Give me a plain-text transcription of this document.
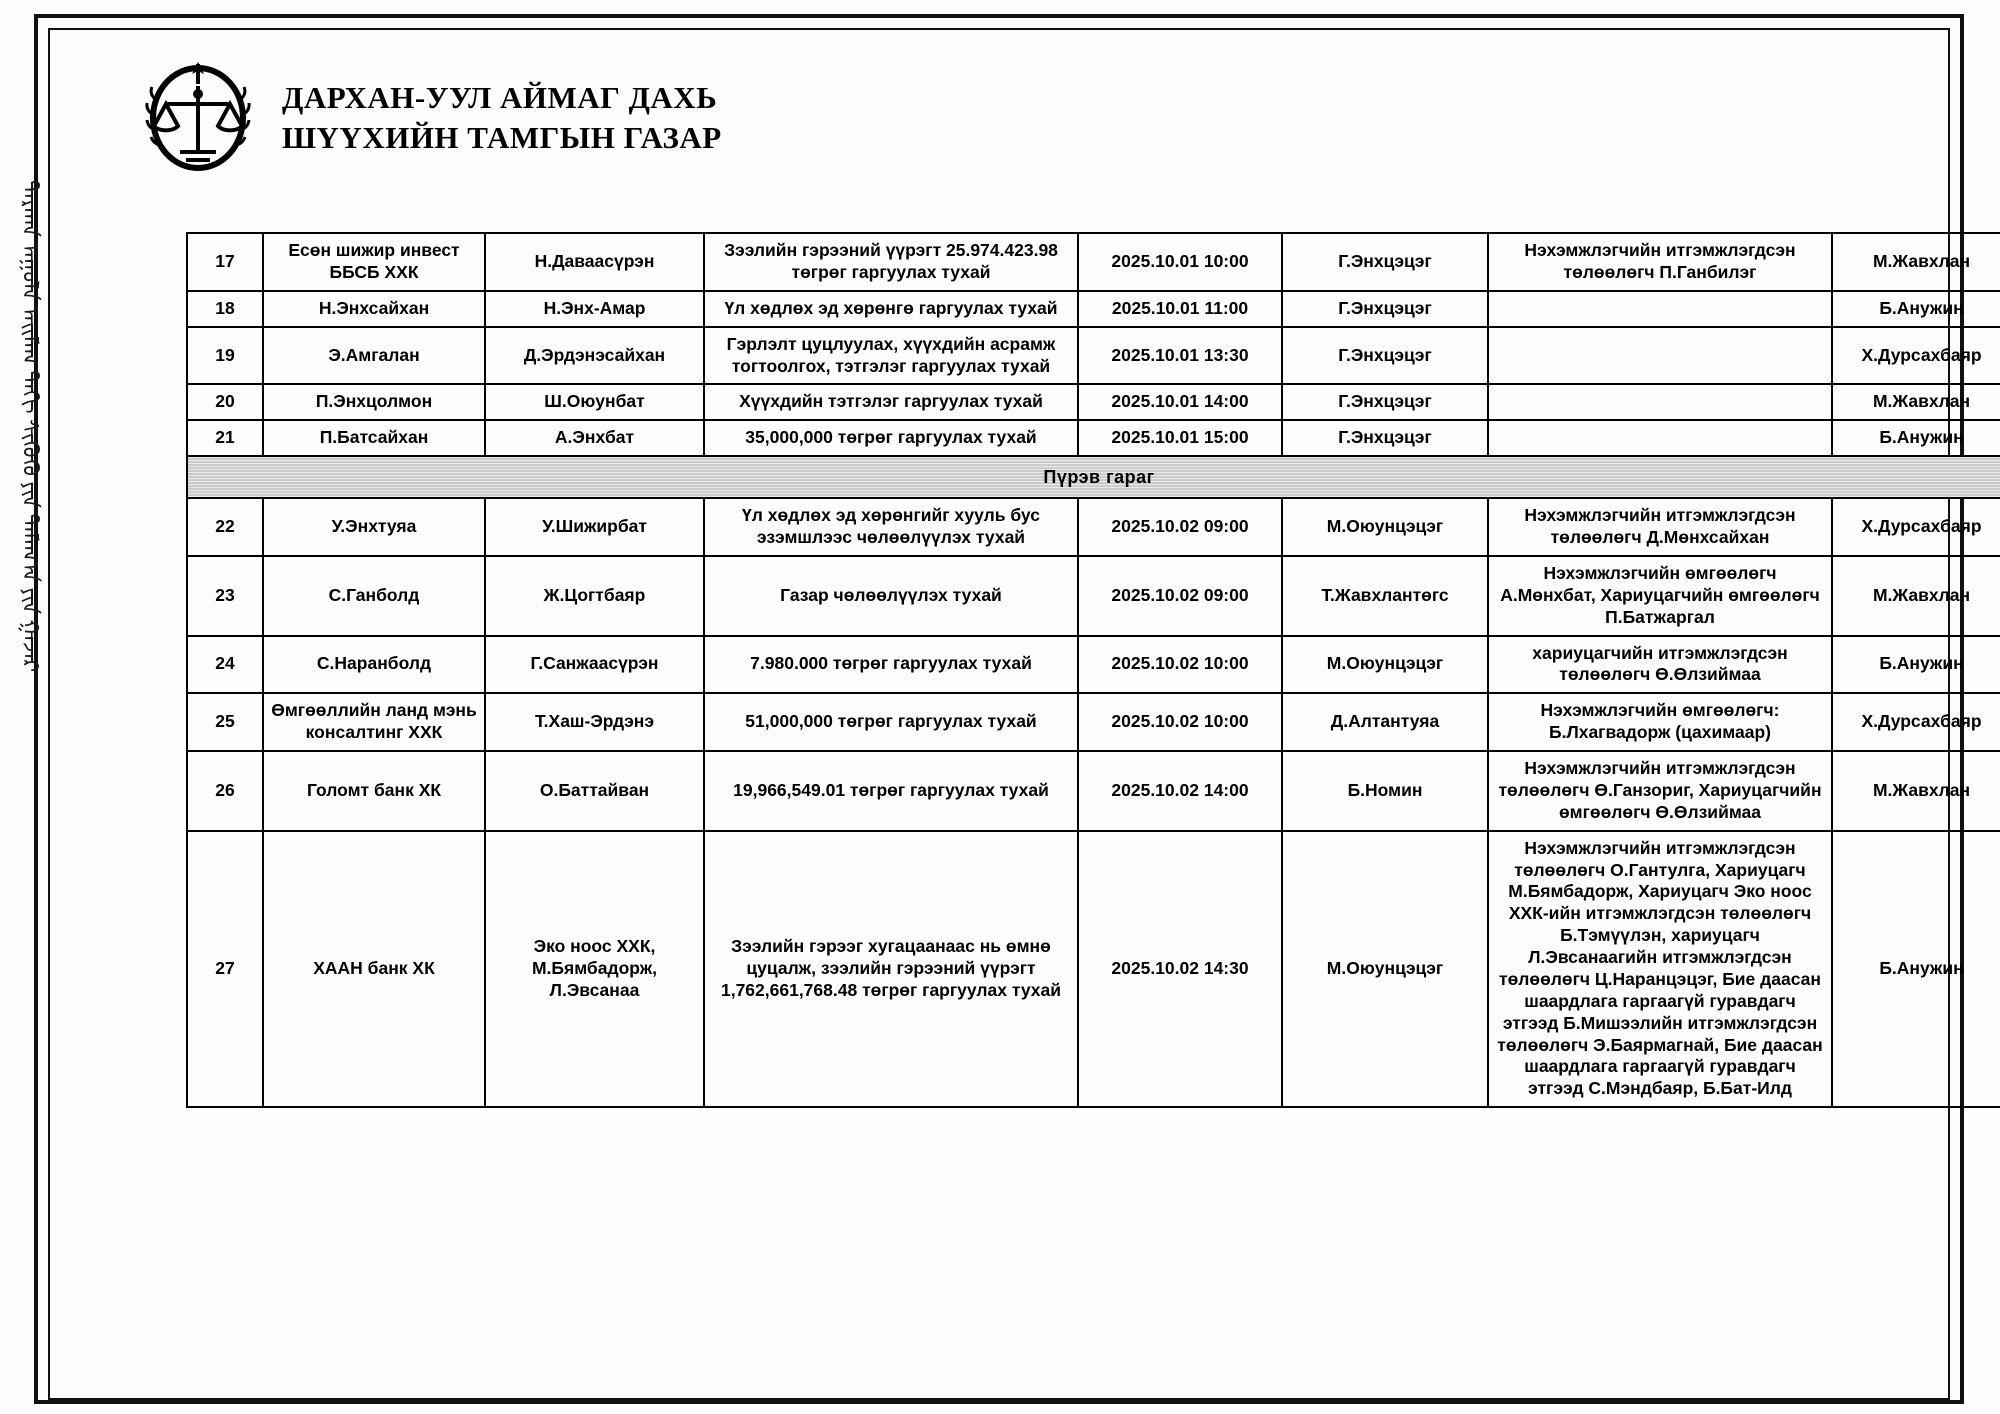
ᠳᠠᠷᠬᠠᠨ ᠠᠭᠤᠯᠠ ᠠᠢᠮᠠᠭ ᠳᠠᠬᠢ ᠰᠢᠭᠦᠬᠦ ᠶᠢᠨ ᠲᠠᠮᠠᠭ᠎ᠠ ᠶᠢᠨ ᠭᠠᠵᠠᠷ
ДАРХАН-УУЛ АЙМАГ ДАХЬ
ШҮҮХИЙН ТАМГЫН ГАЗАР
17	Есөн шижир инвест ББСБ ХХК	Н.Даваасүрэн	Зээлийн гэрээний үүрэгт 25.974.423.98 төгрөг гаргуулах тухай	2025.10.01 10:00	Г.Энхцэцэг	Нэхэмжлэгчийн итгэмжлэгдсэн төлөөлөгч П.Ганбилэг	М.Жавхлан
18	Н.Энхсайхан	Н.Энх-Амар	Үл хөдлөх эд хөрөнгө гаргуулах тухай	2025.10.01 11:00	Г.Энхцэцэг		Б.Анужин
19	Э.Амгалан	Д.Эрдэнэсайхан	Гэрлэлт цуцлуулах, хүүхдийн асрамж тогтоолгох, тэтгэлэг гаргуулах тухай	2025.10.01 13:30	Г.Энхцэцэг		Х.Дурсахбаяр
20	П.Энхцолмон	Ш.Оюунбат	Хүүхдийн тэтгэлэг гаргуулах тухай	2025.10.01 14:00	Г.Энхцэцэг		М.Жавхлан
21	П.Батсайхан	А.Энхбат	35,000,000 төгрөг гаргуулах тухай	2025.10.01 15:00	Г.Энхцэцэг		Б.Анужин
Пүрэв гараг							
22	У.Энхтуяа	У.Шижирбат	Үл хөдлөх эд хөрөнгийг хууль бус эзэмшлээс чөлөөлүүлэх тухай	2025.10.02 09:00	М.Оюунцэцэг	Нэхэмжлэгчийн итгэмжлэгдсэн төлөөлөгч Д.Мөнхсайхан	Х.Дурсахбаяр
23	С.Ганболд	Ж.Цогтбаяр	Газар чөлөөлүүлэх тухай	2025.10.02 09:00	Т.Жавхлантөгс	Нэхэмжлэгчийн өмгөөлөгч А.Мөнхбат, Хариуцагчийн өмгөөлөгч П.Батжаргал	М.Жавхлан
24	С.Наранболд	Г.Санжаасүрэн	7.980.000 төгрөг гаргуулах тухай	2025.10.02 10:00	М.Оюунцэцэг	хариуцагчийн итгэмжлэгдсэн төлөөлөгч Ө.Өлзиймаа	Б.Анужин
25	Өмгөөллийн ланд мэнь консалтинг ХХК	Т.Хаш-Эрдэнэ	51,000,000 төгрөг гаргуулах тухай	2025.10.02 10:00	Д.Алтантуяа	Нэхэмжлэгчийн өмгөөлөгч: Б.Лхагвадорж (цахимаар)	Х.Дурсахбаяр
26	Голомт банк ХК	О.Баттайван	19,966,549.01 төгрөг гаргуулах тухай	2025.10.02 14:00	Б.Номин	Нэхэмжлэгчийн итгэмжлэгдсэн төлөөлөгч Ө.Ганзориг, Хариуцагчийн өмгөөлөгч Ө.Өлзиймаа	М.Жавхлан
27	ХААН банк ХК	Эко ноос ХХК, М.Бямбадорж, Л.Эвсанаа	Зээлийн гэрээг хугацаанаас нь өмнө цуцалж, зээлийн гэрээний үүрэгт 1,762,661,768.48 төгрөг гаргуулах тухай	2025.10.02 14:30	М.Оюунцэцэг	Нэхэмжлэгчийн итгэмжлэгдсэн төлөөлөгч О.Гантулга, Хариуцагч М.Бямбадорж, Хариуцагч Эко ноос ХХК-ийн итгэмжлэгдсэн төлөөлөгч Б.Тэмүүлэн, хариуцагч Л.Эвсанаагийн итгэмжлэгдсэн төлөөлөгч Ц.Наранцэцэг, Бие даасан шаардлага гаргаагүй гуравдагч этгээд Б.Мишээлийн итгэмжлэгдсэн төлөөлөгч Э.Баярмагнай, Бие даасан шаардлага гаргаагүй гуравдагч этгээд С.Мэндбаяр, Б.Бат-Илд	Б.Анужин
